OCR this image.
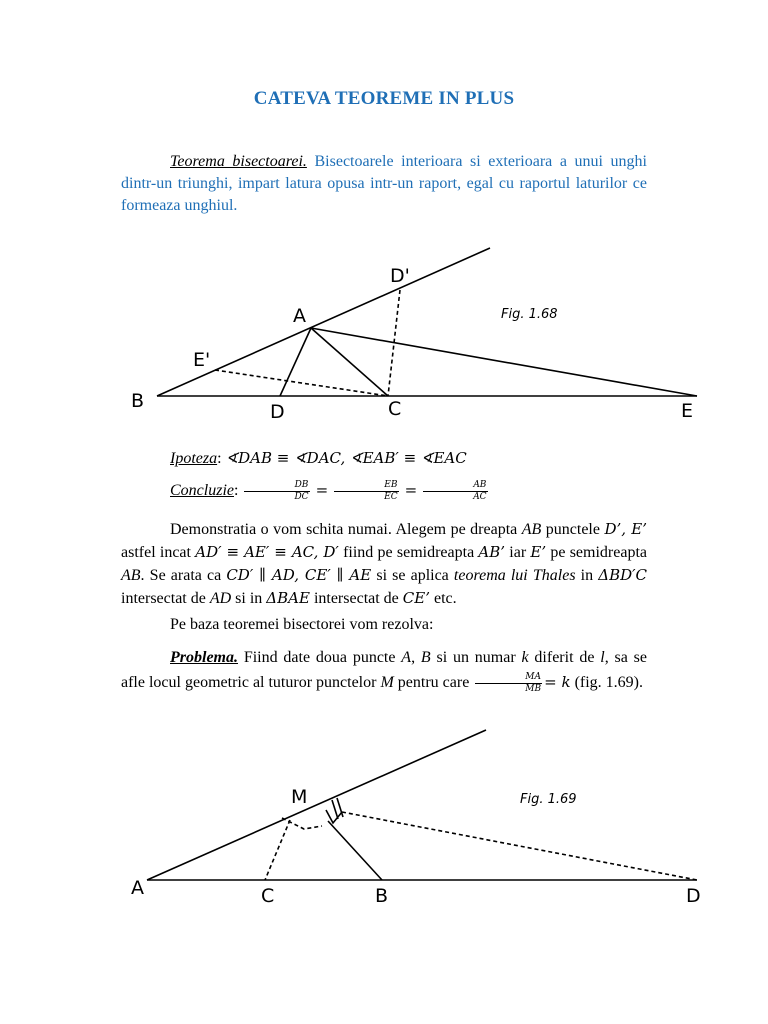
CATEVA TEOREME IN PLUS
Teorema bisectoarei. Bisectoarele interioara si exterioara a unui unghi dintr-un triunghi, impart latura opusa intr-un raport, egal cu raportul laturilor ce formeaza unghiul.
D'
A
E'
B	D	C	E
Fig. 1.68
M
A	C	B	D
Fig. 1.69
Ipoteza: ∢DAB ≡ ∢DAC, ∢EAB′ ≡ ∢EAC
Concluzie: $\frac{DB}{DC} = \frac{EB}{EC} = \frac{AB}{AC}$
Demonstratia o vom schita numai. Alegem pe dreapta AB punctele D’, E’ astfel incat AD′ ≡ AE′ ≡ AC, D′ fiind pe semidreapta AB’ iar E’ pe semidreapta AB. Se arata ca CD′ ∥ AD, CE′ ∥ AE si se aplica teorema lui Thales in ΔBD′C intersectat de AD si in ΔBAE intersectat de CE’ etc.
Pe baza teoremei bisectorei vom rezolva:
Problema. Fiind date doua puncte A, B si un numar k diferit de l, sa se afle locul geometric al tuturor punctelor M pentru care $\frac{MA}{MB} = k$ (fig. 1.69).
